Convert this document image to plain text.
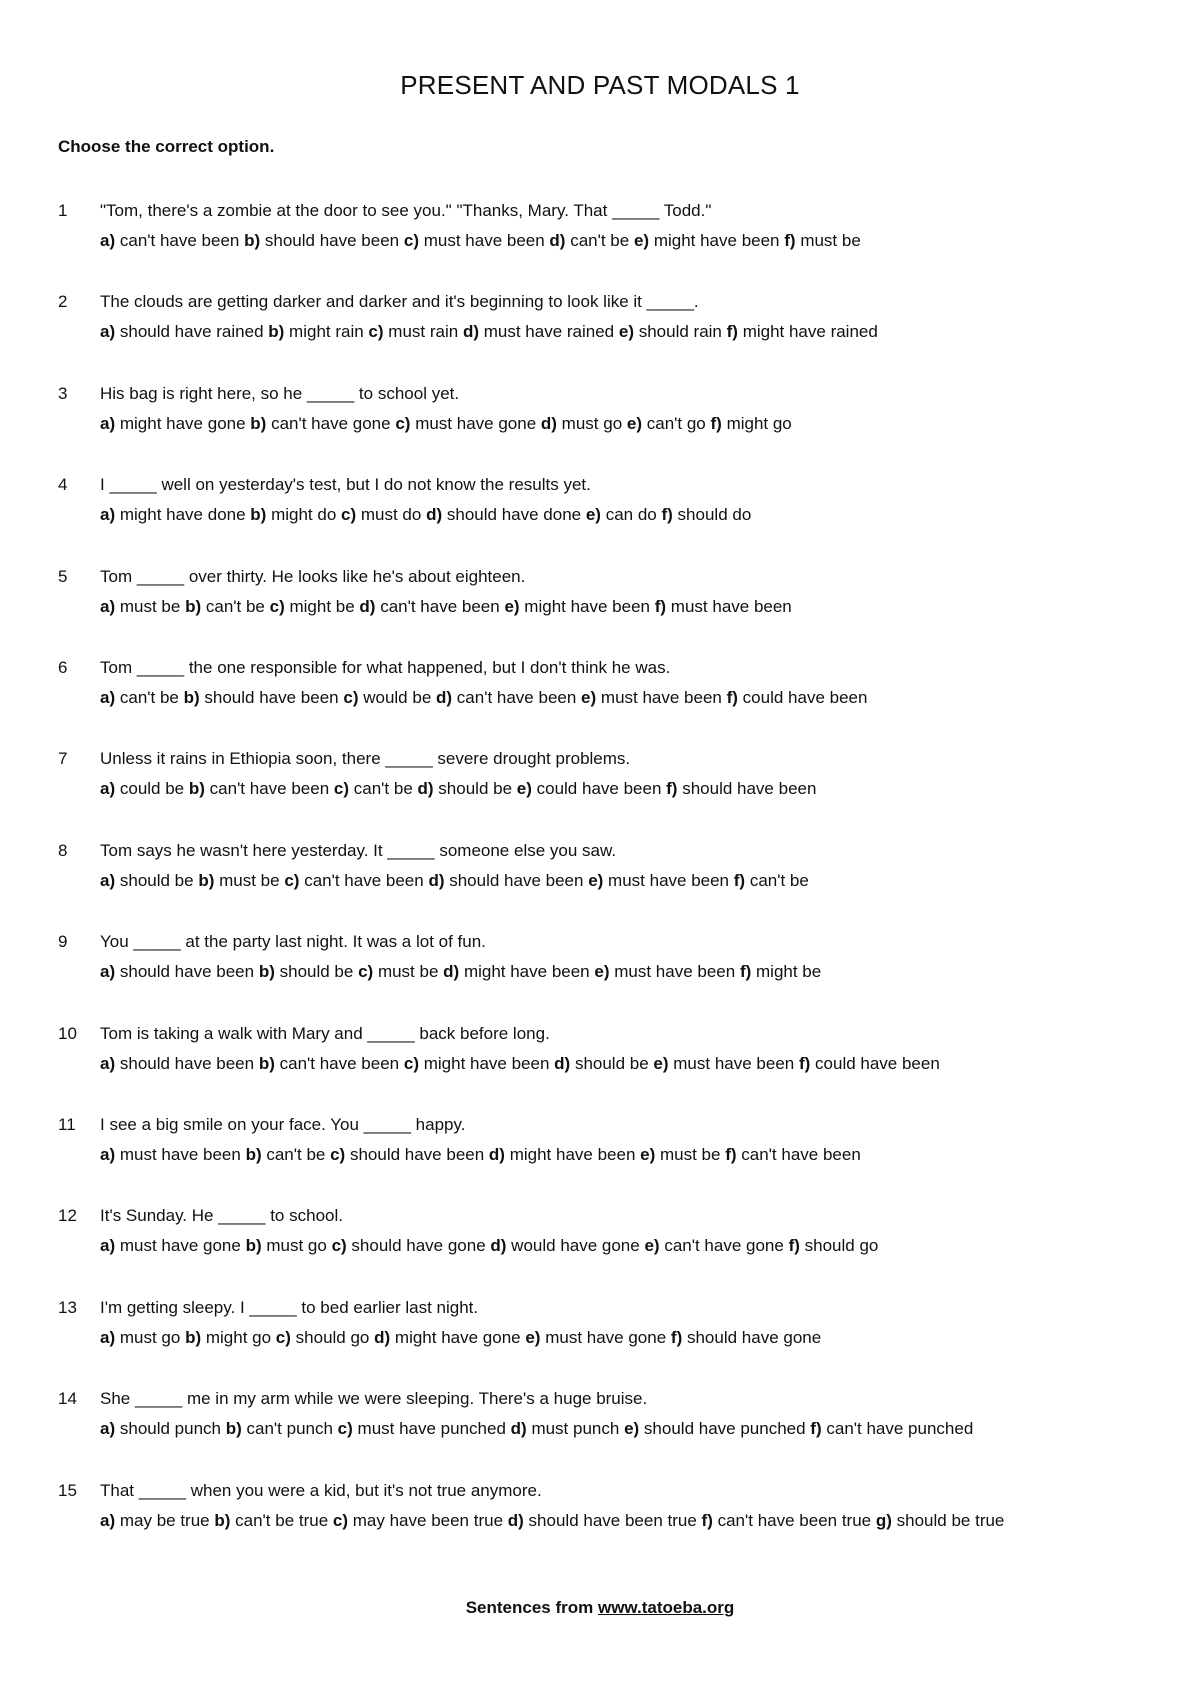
PRESENT AND PAST MODALS 1
Choose the correct option.
1 "Tom, there's a zombie at the door to see you." "Thanks, Mary. That _____ Todd."
a) can't have been b) should have been c) must have been d) can't be e) might have been f) must be
2 The clouds are getting darker and darker and it's beginning to look like it _____.
a) should have rained b) might rain c) must rain d) must have rained e) should rain f) might have rained
3 His bag is right here, so he _____ to school yet.
a) might have gone b) can't have gone c) must have gone d) must go e) can't go f) might go
4 I _____ well on yesterday's test, but I do not know the results yet.
a) might have done b) might do c) must do d) should have done e) can do f) should do
5 Tom _____ over thirty. He looks like he's about eighteen.
a) must be b) can't be c) might be d) can't have been e) might have been f) must have been
6 Tom _____ the one responsible for what happened, but I don't think he was.
a) can't be b) should have been c) would be d) can't have been e) must have been f) could have been
7 Unless it rains in Ethiopia soon, there _____ severe drought problems.
a) could be b) can't have been c) can't be d) should be e) could have been f) should have been
8 Tom says he wasn't here yesterday. It _____ someone else you saw.
a) should be b) must be c) can't have been d) should have been e) must have been f) can't be
9 You _____ at the party last night. It was a lot of fun.
a) should have been b) should be c) must be d) might have been e) must have been f) might be
10 Tom is taking a walk with Mary and _____ back before long.
a) should have been b) can't have been c) might have been d) should be e) must have been f) could have been
11 I see a big smile on your face. You _____ happy.
a) must have been b) can't be c) should have been d) might have been e) must be f) can't have been
12 It's Sunday. He _____ to school.
a) must have gone b) must go c) should have gone d) would have gone e) can't have gone f) should go
13 I'm getting sleepy. I _____ to bed earlier last night.
a) must go b) might go c) should go d) might have gone e) must have gone f) should have gone
14 She _____ me in my arm while we were sleeping. There's a huge bruise.
a) should punch b) can't punch c) must have punched d) must punch e) should have punched f) can't have punched
15 That _____ when you were a kid, but it's not true anymore.
a) may be true b) can't be true c) may have been true d) should have been true f) can't have been true g) should be true
Sentences from www.tatoeba.org
